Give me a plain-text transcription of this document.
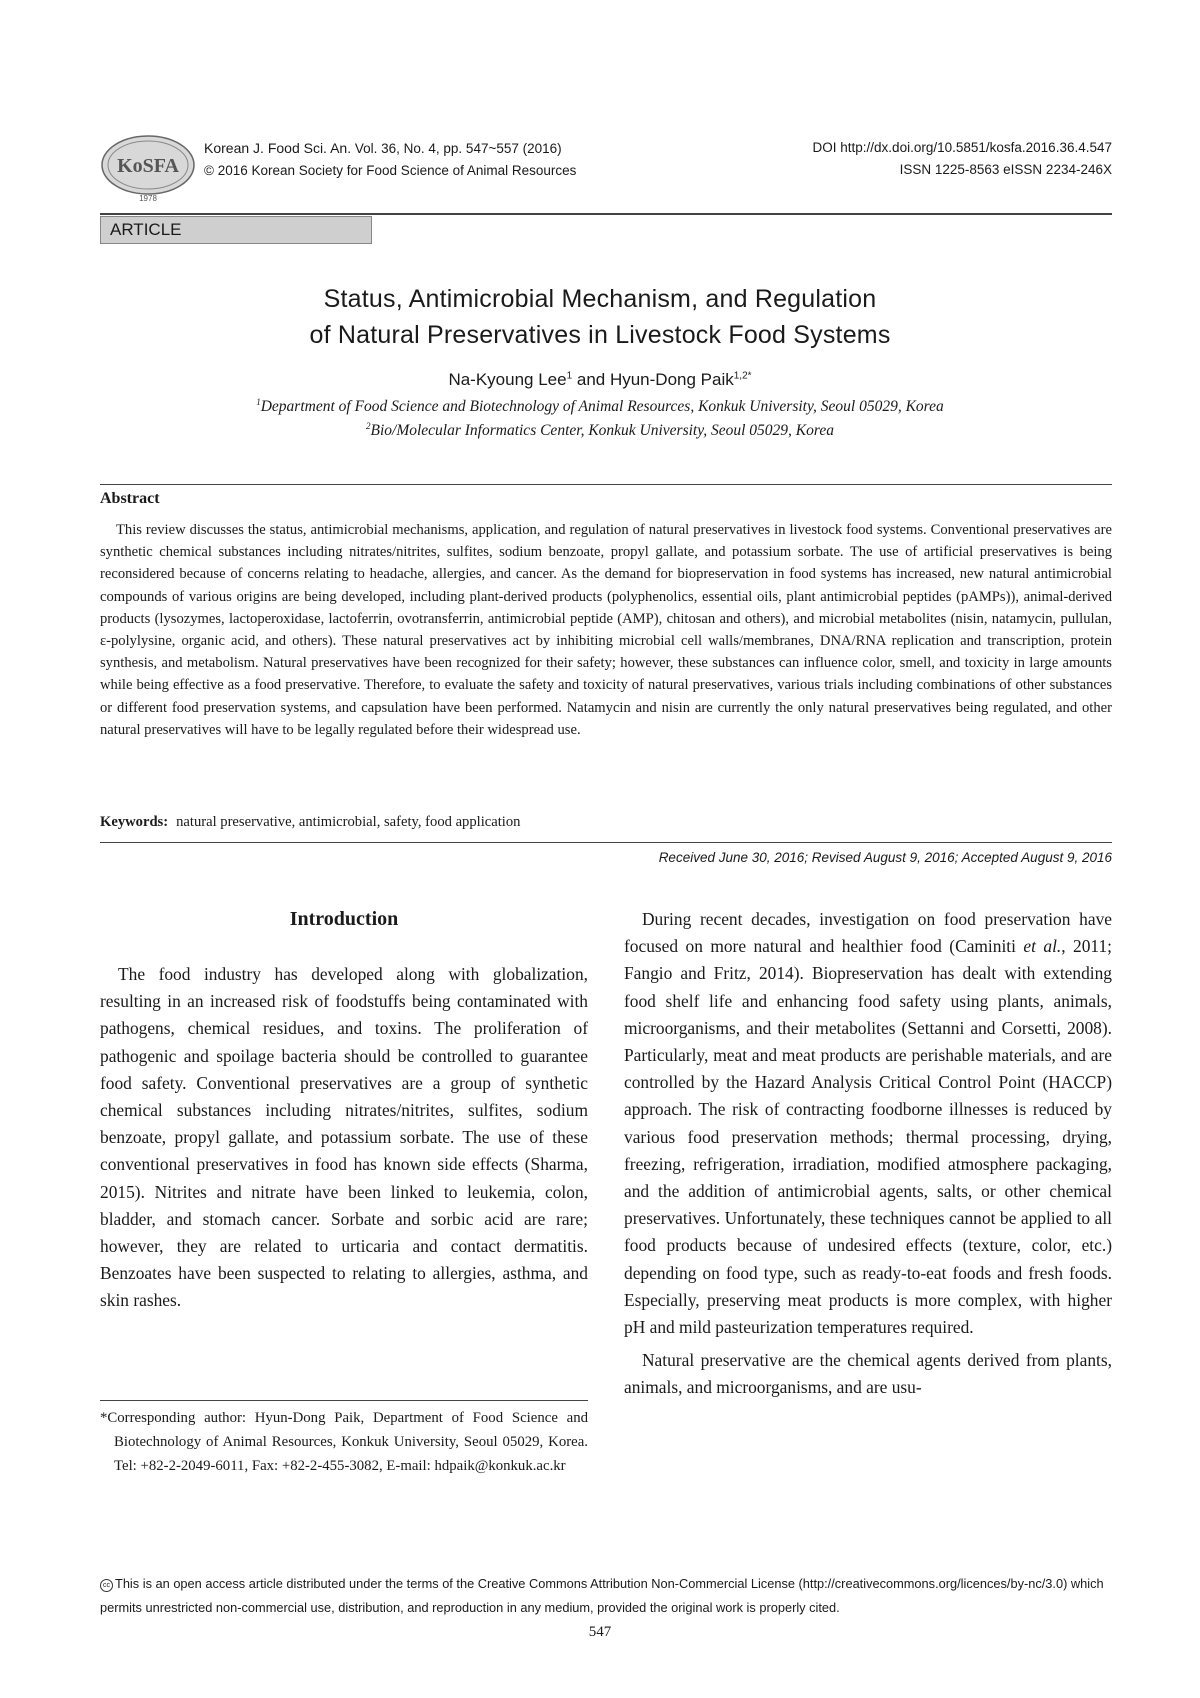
KoSFA
1978
Korean J. Food Sci. An. Vol. 36, No. 4, pp. 547~557 (2016)
© 2016 Korean Society for Food Science of Animal Resources
DOI http://dx.doi.org/10.5851/kosfa.2016.36.4.547
ISSN 1225-8563 eISSN 2234-246X
ARTICLE
Status, Antimicrobial Mechanism, and Regulation
of Natural Preservatives in Livestock Food Systems
Na-Kyoung Lee$^1$ and Hyun-Dong Paik$^{1,2*}$
$^1$Department of Food Science and Biotechnology of Animal Resources, Konkuk University, Seoul 05029, Korea
$^2$Bio/Molecular Informatics Center, Konkuk University, Seoul 05029, Korea
Abstract
This review discusses the status, antimicrobial mechanisms, application, and regulation of natural preservatives in livestock food systems. Conventional preservatives are synthetic chemical substances including nitrates/nitrites, sulfites, sodium benzoate, propyl gallate, and potassium sorbate. The use of artificial preservatives is being reconsidered because of concerns relating to headache, allergies, and cancer. As the demand for biopreservation in food systems has increased, new natural antimicrobial compounds of various origins are being developed, including plant-derived products (polyphenolics, essential oils, plant antimicrobial peptides (pAMPs)), animal-derived products (lysozymes, lactoperoxidase, lactoferrin, ovotransferrin, antimicrobial peptide (AMP), chitosan and others), and microbial metabolites (nisin, natamycin, pullulan, ε-polylysine, organic acid, and others). These natural preservatives act by inhibiting microbial cell walls/membranes, DNA/RNA replication and transcription, protein synthesis, and metabolism. Natural preservatives have been recognized for their safety; however, these substances can influence color, smell, and toxicity in large amounts while being effective as a food preservative. Therefore, to evaluate the safety and toxicity of natural preservatives, various trials including combinations of other substances or different food preservation systems, and capsulation have been performed. Natamycin and nisin are currently the only natural preservatives being regulated, and other natural preservatives will have to be legally regulated before their widespread use.
Keywords: natural preservative, antimicrobial, safety, food application
Received June 30, 2016; Revised August 9, 2016; Accepted August 9, 2016
Introduction

The food industry has developed along with globalization, resulting in an increased risk of foodstuffs being contaminated with pathogens, chemical residues, and toxins. The proliferation of pathogenic and spoilage bacteria should be controlled to guarantee food safety. Conventional preservatives are a group of synthetic chemical substances including nitrates/nitrites, sulfites, sodium benzoate, propyl gallate, and potassium sorbate. The use of these conventional preservatives in food has known side effects (Sharma, 2015). Nitrites and nitrate have been linked to leukemia, colon, bladder, and stomach cancer. Sorbate and sorbic acid are rare; however, they are related to urticaria and contact dermatitis. Benzoates have been suspected to relating to allergies, asthma, and skin rashes.

During recent decades, investigation on food preservation have focused on more natural and healthier food (Caminiti et al., 2011; Fangio and Fritz, 2014). Biopreservation has dealt with extending food shelf life and enhancing food safety using plants, animals, microorganisms, and their metabolites (Settanni and Corsetti, 2008). Particularly, meat and meat products are perishable materials, and are controlled by the Hazard Analysis Critical Control Point (HACCP) approach. The risk of contracting foodborne illnesses is reduced by various food preservation methods; thermal processing, drying, freezing, refrigeration, irradiation, modified atmosphere packaging, and the addition of antimicrobial agents, salts, or other chemical preservatives. Unfortunately, these techniques cannot be applied to all food products because of undesired effects (texture, color, etc.) depending on food type, such as ready-to-eat foods and fresh foods. Especially, preserving meat products is more complex, with higher pH and mild pasteurization temperatures required.

Natural preservative are the chemical agents derived from plants, animals, and microorganisms, and are usu-

*Corresponding author: Hyun-Dong Paik, Department of Food Science and Biotechnology of Animal Resources, Konkuk University, Seoul 05029, Korea. Tel: +82-2-2049-6011, Fax: +82-2-455-3082, E-mail: hdpaik@konkuk.ac.kr
cc This is an open access article distributed under the terms of the Creative Commons Attribution Non-Commercial License (http://creativecommons.org/licences/by-nc/3.0) which permits unrestricted non-commercial use, distribution, and reproduction in any medium, provided the original work is properly cited.
547
